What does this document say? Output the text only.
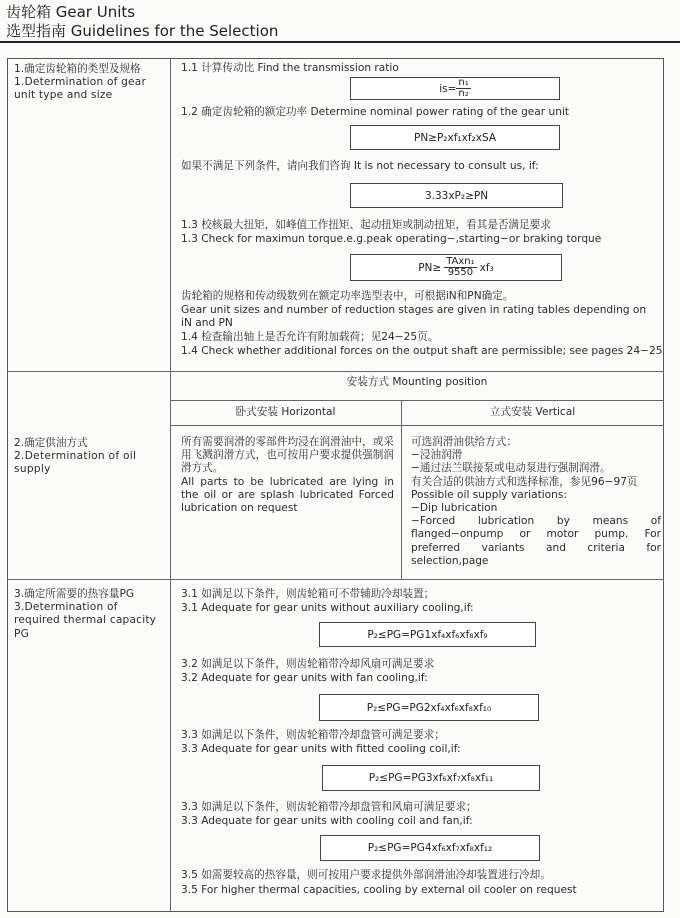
齿轮箱 Gear Units
选型指南 Guidelines for the Selection
1.确定齿轮箱的类型及规格
1.Determination of gear unit type and size
1.1 计算传动比 Find the transmission ratio
$is= \frac{\text{n₁}}{\text{n₂}}$
1.2 确定齿轮箱的额定功率 Determine nominal power rating of the gear unit
PN≥P₂xf₁xf₂xSA
如果不满足下列条件，请向我们咨询 It is not necessary to consult us, if:
3.33xP₂≥PN
1.3 校核最大扭矩，如峰值工作扭矩、起动扭矩或制动扭矩，看其是否满足要求
1.3 Check for maximun torque.e.g.peak operating−,starting−or braking torque
$PN\ge \frac{\text{TAxn₁}}{9550} xf_3$
齿轮箱的规格和传动级数列在额定功率选型表中，可根据iN和PN确定。
Gear unit sizes and number of reduction stages are given in rating tables depending on iN and PN
1.4 检查输出轴上是否允许有附加载荷；见24−25页。
1.4 Check whether additional forces on the output shaft are permissible; see pages 24−25
安装方式 Mounting position
卧式安装 Horizontal	立式安装 Vertical
2.确定供油方式
2.Determination of oil supply
所有需要润滑的零部件均浸在润滑油中，或采用飞溅润滑方式，也可按用户要求提供强制润滑方式。
All parts to be lubricated are lying in the oil or are splash lubricated Forced lubrication on request
可选润滑油供给方式：
−浸油润滑
−通过法兰联接泵或电动泵进行强制润滑。
有关合适的供油方式和选择标准，参见96−97页
Possible oil supply variations:
−Dip lubrication
−Forced lubrication by means of flanged−onpump or motor pump. For preferred variants and criteria for selection,page
3.确定所需要的热容量PG
3.Determination of required thermal capacity PG
3.1 如满足以下条件，则齿轮箱可不带辅助冷却装置；
3.1 Adequate for gear units without auxiliary cooling,if:
P₂≤PG=PG1xf₄xf₆xf₈xf₉
3.2 如满足以下条件，则齿轮箱带冷却风扇可满足要求
3.2 Adequate for gear units with fan cooling,if:
P₂≤PG=PG2xf₄xf₆xf₈xf₁₀
3.3 如满足以下条件，则齿轮箱带冷却盘管可满足要求；
3.3 Adequate for gear units with fitted cooling coil,if:
P₂≤PG=PG3xf₆xf₇xf₈xf₁₁
3.3 如满足以下条件，则齿轮箱带冷却盘管和风扇可满足要求；
3.3 Adequate for gear units with cooling coil and fan,if:
P₂≤PG=PG4xf₆xf₇xf₈xf₁₂
3.5 如需要较高的热容量，则可按用户要求提供外部润滑油冷却装置进行冷却。
3.5 For higher thermal capacities, cooling by external oil cooler on request
